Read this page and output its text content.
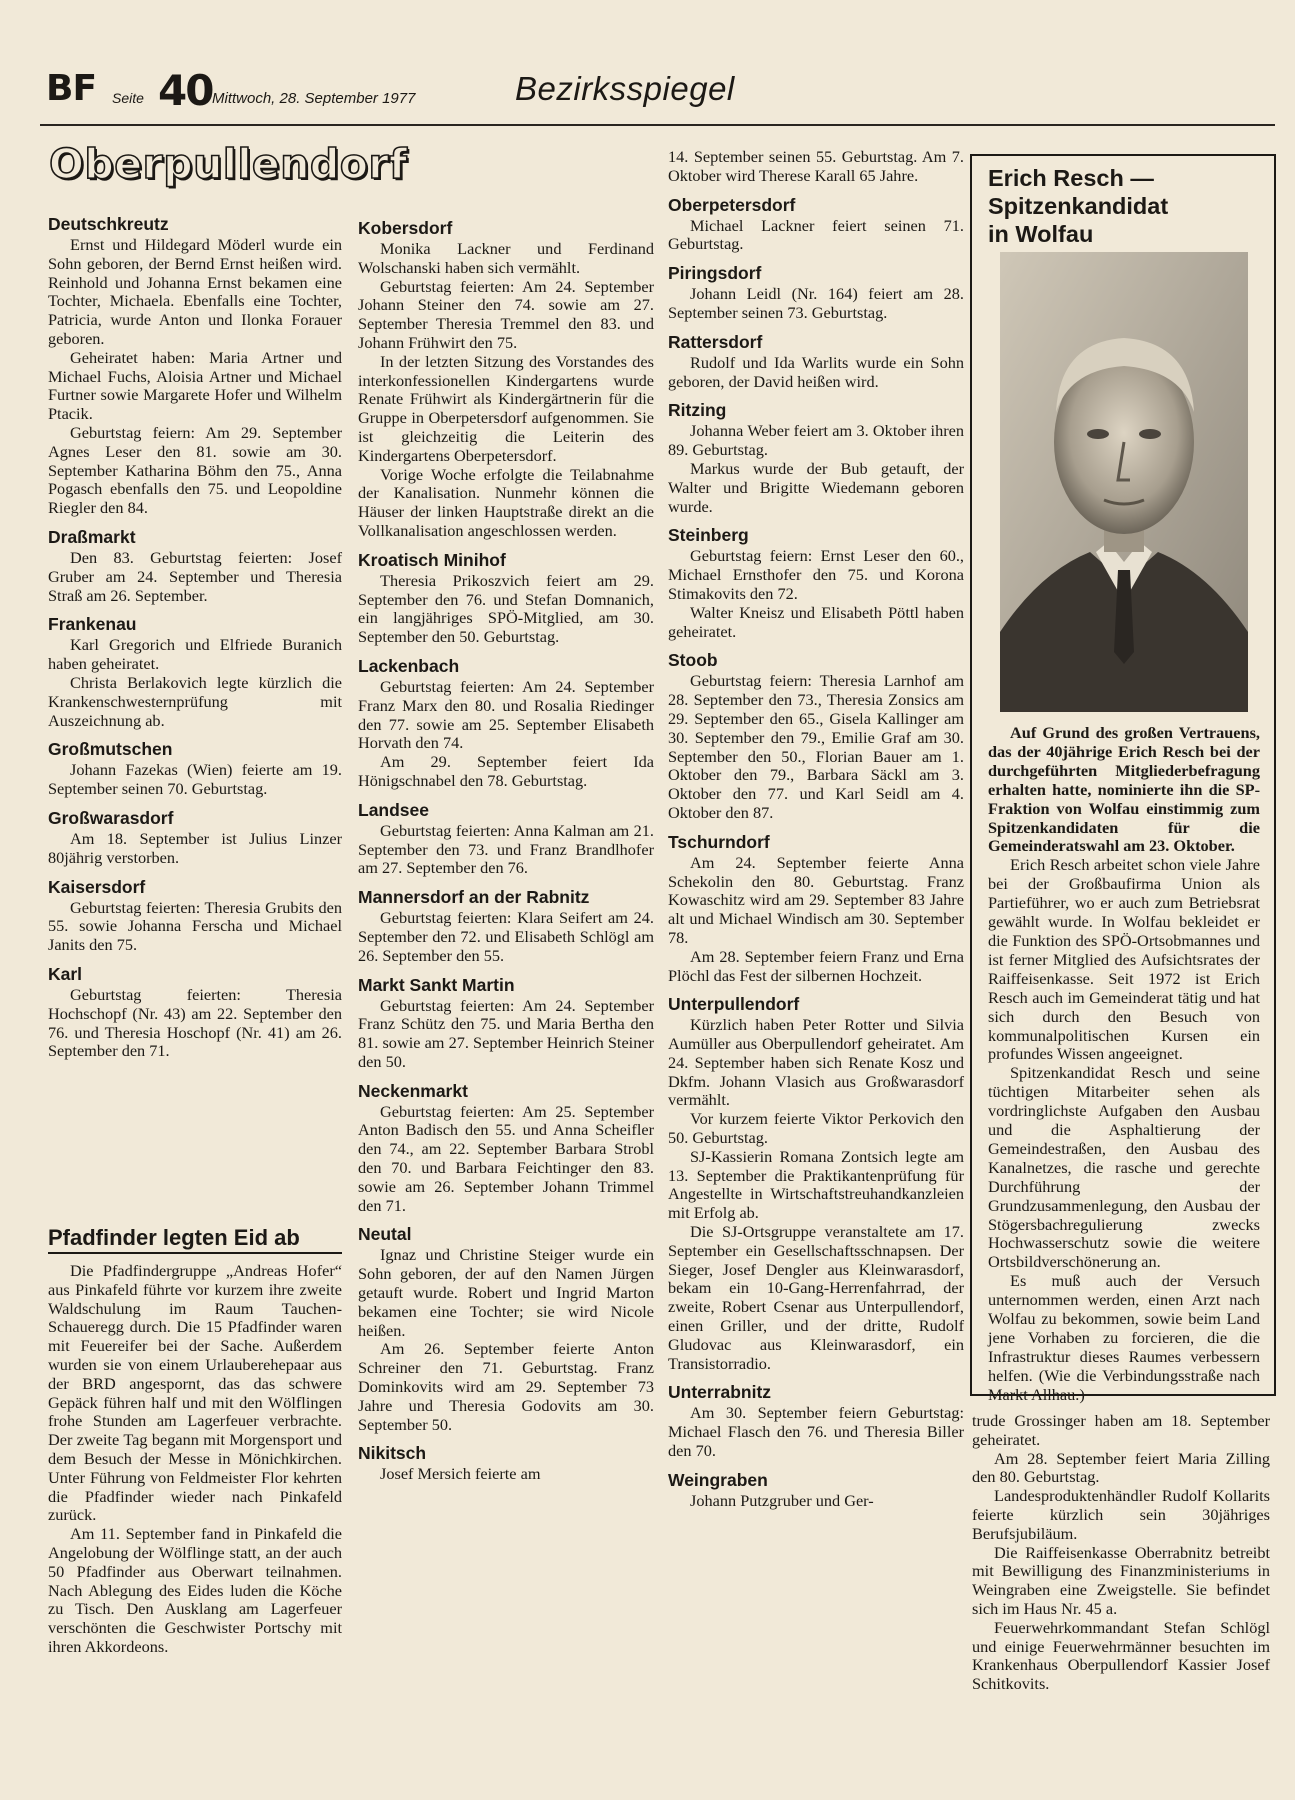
BF Seite 40 Mittwoch, 28. September 1977	Bezirksspiegel
Oberpullendorf
Deutschkreutz

Ernst und Hildegard Möderl wurde ein Sohn geboren, der Bernd Ernst heißen wird. Reinhold und Johanna Ernst bekamen eine Tochter, Michaela. Ebenfalls eine Tochter, Patricia, wurde Anton und Ilonka Forauer geboren.

Geheiratet haben: Maria Artner und Michael Fuchs, Aloisia Artner und Michael Furtner sowie Margarete Hofer und Wilhelm Ptacik.

Geburtstag feiern: Am 29. September Agnes Leser den 81. sowie am 30. September Katharina Böhm den 75., Anna Pogasch ebenfalls den 75. und Leopoldine Riegler den 84.

Draßmarkt

Den 83. Geburtstag feierten: Josef Gruber am 24. September und Theresia Straß am 26. September.

Frankenau

Karl Gregorich und Elfriede Buranich haben geheiratet.

Christa Berlakovich legte kürzlich die Krankenschwesternprüfung mit Auszeichnung ab.

Großmutschen

Johann Fazekas (Wien) feierte am 19. September seinen 70. Geburtstag.

Großwarasdorf

Am 18. September ist Julius Linzer 80jährig verstorben.

Kaisersdorf

Geburtstag feierten: Theresia Grubits den 55. sowie Johanna Ferscha und Michael Janits den 75.

Karl

Geburtstag feierten: Theresia Hochschopf (Nr. 43) am 22. September den 76. und Theresia Hoschopf (Nr. 41) am 26. September den 71.

Pfadfinder legten Eid ab

Die Pfadfindergruppe „Andreas Hofer“ aus Pinkafeld führte vor kurzem ihre zweite Waldschulung im Raum Tauchen-Schaueregg durch. Die 15 Pfadfinder waren mit Feuereifer bei der Sache. Außerdem wurden sie von einem Urlauberehepaar aus der BRD angespornt, das das schwere Gepäck führen half und mit den Wölflingen frohe Stunden am Lagerfeuer verbrachte. Der zweite Tag begann mit Morgensport und dem Besuch der Messe in Mönichkirchen. Unter Führung von Feldmeister Flor kehrten die Pfadfinder wieder nach Pinkafeld zurück.

Am 11. September fand in Pinkafeld die Angelobung der Wölflinge statt, an der auch 50 Pfadfinder aus Oberwart teilnahmen. Nach Ablegung des Eides luden die Köche zu Tisch. Den Ausklang am Lagerfeuer verschönten die Geschwister Portschy mit ihren Akkordeons.

Kobersdorf

Monika Lackner und Ferdinand Wolschanski haben sich vermählt.

Geburtstag feierten: Am 24. September Johann Steiner den 74. sowie am 27. September Theresia Tremmel den 83. und Johann Frühwirt den 75.

In der letzten Sitzung des Vorstandes des interkonfessionellen Kindergartens wurde Renate Frühwirt als Kindergärtnerin für die Gruppe in Oberpetersdorf aufgenommen. Sie ist gleichzeitig die Leiterin des Kindergartens Oberpetersdorf.

Vorige Woche erfolgte die Teilabnahme der Kanalisation. Nunmehr können die Häuser der linken Hauptstraße direkt an die Vollkanalisation angeschlossen werden.

Kroatisch Minihof

Theresia Prikoszvich feiert am 29. September den 76. und Stefan Domnanich, ein langjähriges SPÖ-Mitglied, am 30. September den 50. Geburtstag.

Lackenbach

Geburtstag feierten: Am 24. September Franz Marx den 80. und Rosalia Riedinger den 77. sowie am 25. September Elisabeth Horvath den 74.

Am 29. September feiert Ida Hönigschnabel den 78. Geburtstag.

Landsee

Geburtstag feierten: Anna Kalman am 21. September den 73. und Franz Brandlhofer am 27. September den 76.

Mannersdorf an der Rabnitz

Geburtstag feierten: Klara Seifert am 24. September den 72. und Elisabeth Schlögl am 26. September den 55.

Markt Sankt Martin

Geburtstag feierten: Am 24. September Franz Schütz den 75. und Maria Bertha den 81. sowie am 27. September Heinrich Steiner den 50.

Neckenmarkt

Geburtstag feierten: Am 25. September Anton Badisch den 55. und Anna Scheifler den 74., am 22. September Barbara Strobl den 70. und Barbara Feichtinger den 83. sowie am 26. September Johann Trimmel den 71.

Neutal

Ignaz und Christine Steiger wurde ein Sohn geboren, der auf den Namen Jürgen getauft wurde. Robert und Ingrid Marton bekamen eine Tochter; sie wird Nicole heißen.

Am 26. September feierte Anton Schreiner den 71. Geburtstag. Franz Dominkovits wird am 29. September 73 Jahre und Theresia Godovits am 30. September 50.

Nikitsch

Josef Mersich feierte am

14. September seinen 55. Geburtstag. Am 7. Oktober wird Therese Karall 65 Jahre.

Oberpetersdorf

Michael Lackner feiert seinen 71. Geburtstag.

Piringsdorf

Johann Leidl (Nr. 164) feiert am 28. September seinen 73. Geburtstag.

Rattersdorf

Rudolf und Ida Warlits wurde ein Sohn geboren, der David heißen wird.

Ritzing

Johanna Weber feiert am 3. Oktober ihren 89. Geburtstag.

Markus wurde der Bub getauft, der Walter und Brigitte Wiedemann geboren wurde.

Steinberg

Geburtstag feiern: Ernst Leser den 60., Michael Ernsthofer den 75. und Korona Stimakovits den 72.

Walter Kneisz und Elisabeth Pöttl haben geheiratet.

Stoob

Geburtstag feiern: Theresia Larnhof am 28. September den 73., Theresia Zonsics am 29. September den 65., Gisela Kallinger am 30. September den 79., Emilie Graf am 30. September den 50., Florian Bauer am 1. Oktober den 79., Barbara Säckl am 3. Oktober den 77. und Karl Seidl am 4. Oktober den 87.

Tschurndorf

Am 24. September feierte Anna Schekolin den 80. Geburtstag. Franz Kowaschitz wird am 29. September 83 Jahre alt und Michael Windisch am 30. September 78.

Am 28. September feiern Franz und Erna Plöchl das Fest der silbernen Hochzeit.

Unterpullendorf

Kürzlich haben Peter Rotter und Silvia Aumüller aus Oberpullendorf geheiratet. Am 24. September haben sich Renate Kosz und Dkfm. Johann Vlasich aus Großwarasdorf vermählt.

Vor kurzem feierte Viktor Perkovich den 50. Geburtstag.

SJ-Kassierin Romana Zontsich legte am 13. September die Praktikantenprüfung für Angestellte in Wirtschaftstreuhandkanzleien mit Erfolg ab.

Die SJ-Ortsgruppe veranstaltete am 17. September ein Gesellschaftsschnapsen. Der Sieger, Josef Dengler aus Kleinwarasdorf, bekam ein 10-Gang-Herrenfahrrad, der zweite, Robert Csenar aus Unterpullendorf, einen Griller, und der dritte, Rudolf Gludovac aus Kleinwarasdorf, ein Transistorradio.

Unterrabnitz

Am 30. September feiern Geburtstag: Michael Flasch den 76. und Theresia Biller den 70.

Weingraben

Johann Putzgruber und Ger-

trude Grossinger haben am 18. September geheiratet.

Am 28. September feiert Maria Zilling den 80. Geburtstag.

Landesproduktenhändler Rudolf Kollarits feierte kürzlich sein 30jähriges Berufsjubiläum.

Die Raiffeisenkasse Oberrabnitz betreibt mit Bewilligung des Finanzministeriums in Weingraben eine Zweigstelle. Sie befindet sich im Haus Nr. 45 a.

Feuerwehrkommandant Stefan Schlögl und einige Feuerwehrmänner besuchten im Krankenhaus Oberpullendorf Kassier Josef Schitkovits.

Erich Resch —
Spitzenkandidat
in Wolfau

Auf Grund des großen Vertrauens, das der 40jährige Erich Resch bei der durchgeführten Mitgliederbefragung erhalten hatte, nominierte ihn die SP-Fraktion von Wolfau einstimmig zum Spitzenkandidaten für die Gemeinderatswahl am 23. Oktober.

Erich Resch arbeitet schon viele Jahre bei der Großbaufirma Union als Partieführer, wo er auch zum Betriebsrat gewählt wurde. In Wolfau bekleidet er die Funktion des SPÖ-Ortsobmannes und ist ferner Mitglied des Aufsichtsrates der Raiffeisenkasse. Seit 1972 ist Erich Resch auch im Gemeinderat tätig und hat sich durch den Besuch von kommunalpolitischen Kursen ein profundes Wissen angeeignet.

Spitzenkandidat Resch und seine tüchtigen Mitarbeiter sehen als vordringlichste Aufgaben den Ausbau und die Asphaltierung der Gemeindestraßen, den Ausbau des Kanalnetzes, die rasche und gerechte Durchführung der Grundzusammenlegung, den Ausbau der Stögersbachregulierung zwecks Hochwasserschutz sowie die weitere Ortsbildverschönerung an.

Es muß auch der Versuch unternommen werden, einen Arzt nach Wolfau zu bekommen, sowie beim Land jene Vorhaben zu forcieren, die die Infrastruktur dieses Raumes verbessern helfen. (Wie die Verbindungsstraße nach Markt Allhau.)
